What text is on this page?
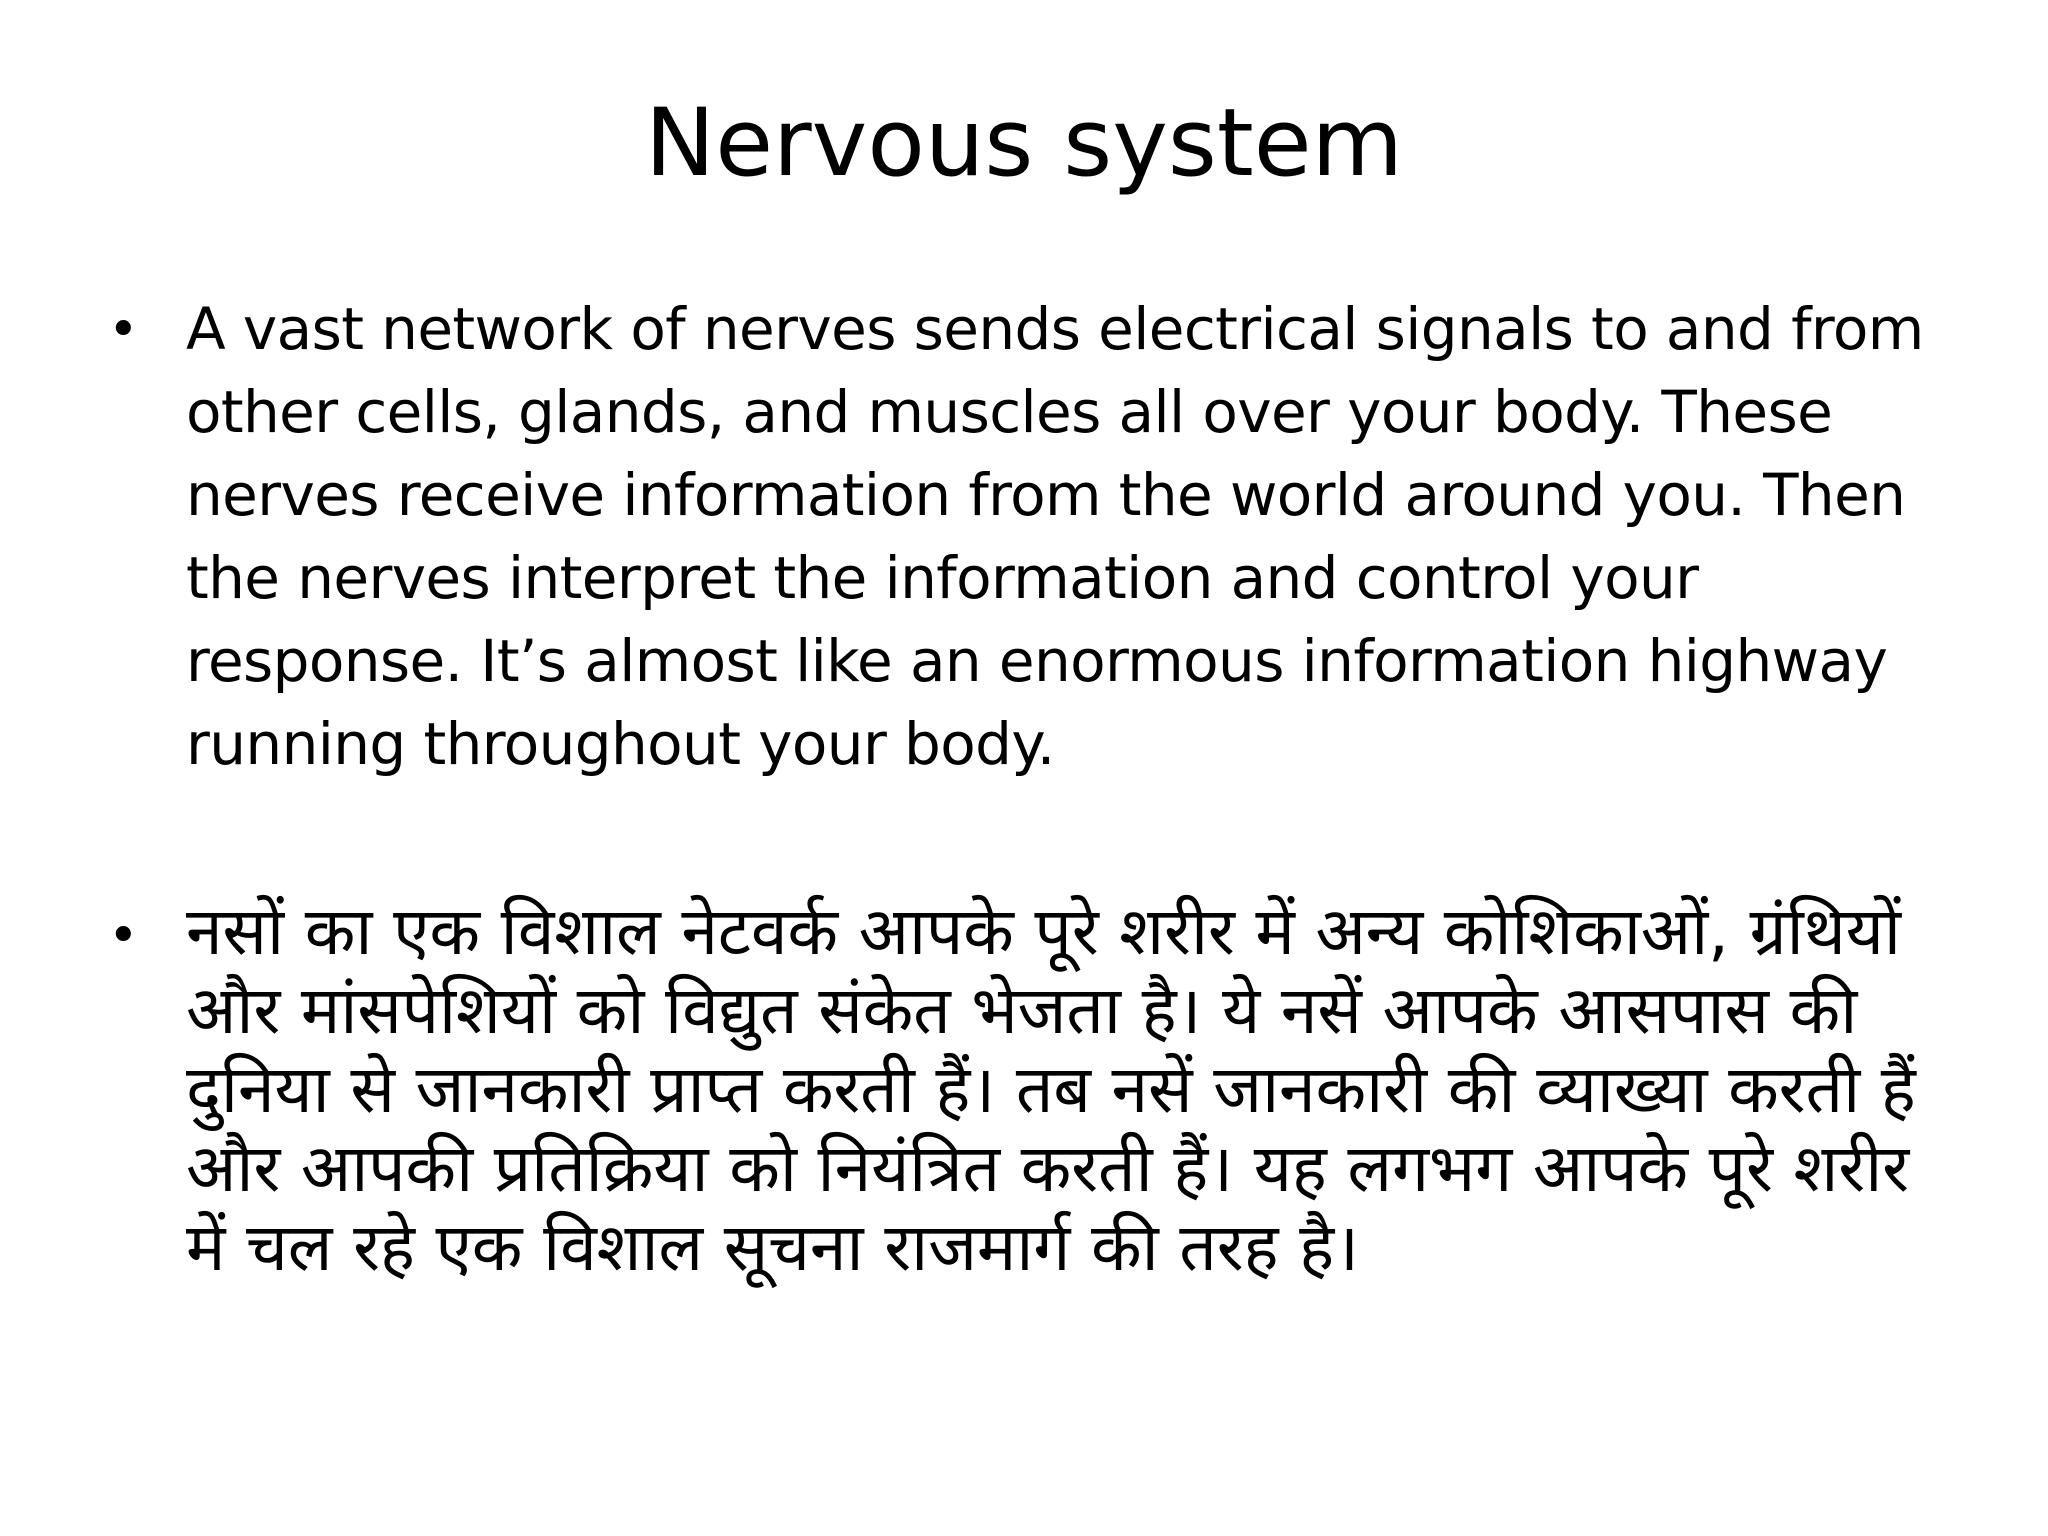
Nervous system
• A vast network of nerves sends electrical signals to and from other cells, glands, and muscles all over your body. These nerves receive information from the world around you. Then the nerves interpret the information and control your response. It’s almost like an enormous information highway running throughout your body.

• नसों का एक विशाल नेटवर्क आपके पूरे शरीर में अन्य कोशिकाओं, ग्रंथियों और मांसपेशियों को विद्युत संकेत भेजता है। ये नसें आपके आसपास की दुनिया से जानकारी प्राप्त करती हैं। तब नसें जानकारी की व्याख्या करती हैं और आपकी प्रतिक्रिया को नियंत्रित करती हैं। यह लगभग आपके पूरे शरीर में चल रहे एक विशाल सूचना राजमार्ग की तरह है।
